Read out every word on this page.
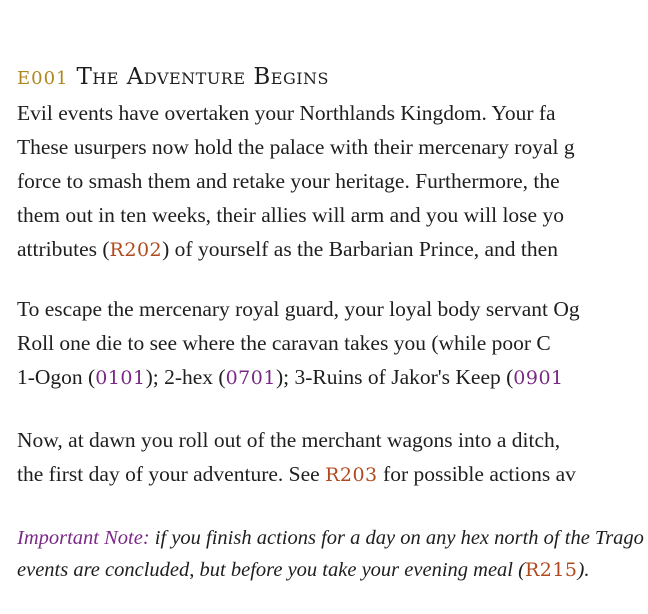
E001 The Adventure Begins
Evil events have overtaken your Northlands Kingdom. Your fa
These usurpers now hold the palace with their mercenary royal g
force to smash them and retake your heritage. Furthermore, the
them out in ten weeks, their allies will arm and you will lose yo
attributes (R202) of yourself as the Barbarian Prince, and then
To escape the mercenary royal guard, your loyal body servant Og
Roll one die to see where the caravan takes you (while poor C
1-Ogon (0101); 2-hex (0701); 3-Ruins of Jakor's Keep (0901
Now, at dawn you roll out of the merchant wagons into a ditch,
the first day of your adventure. See R203 for possible actions av
Important Note: if you finish actions for a day on any hex north of the Trago
events are concluded, but before you take your evening meal (R215).
